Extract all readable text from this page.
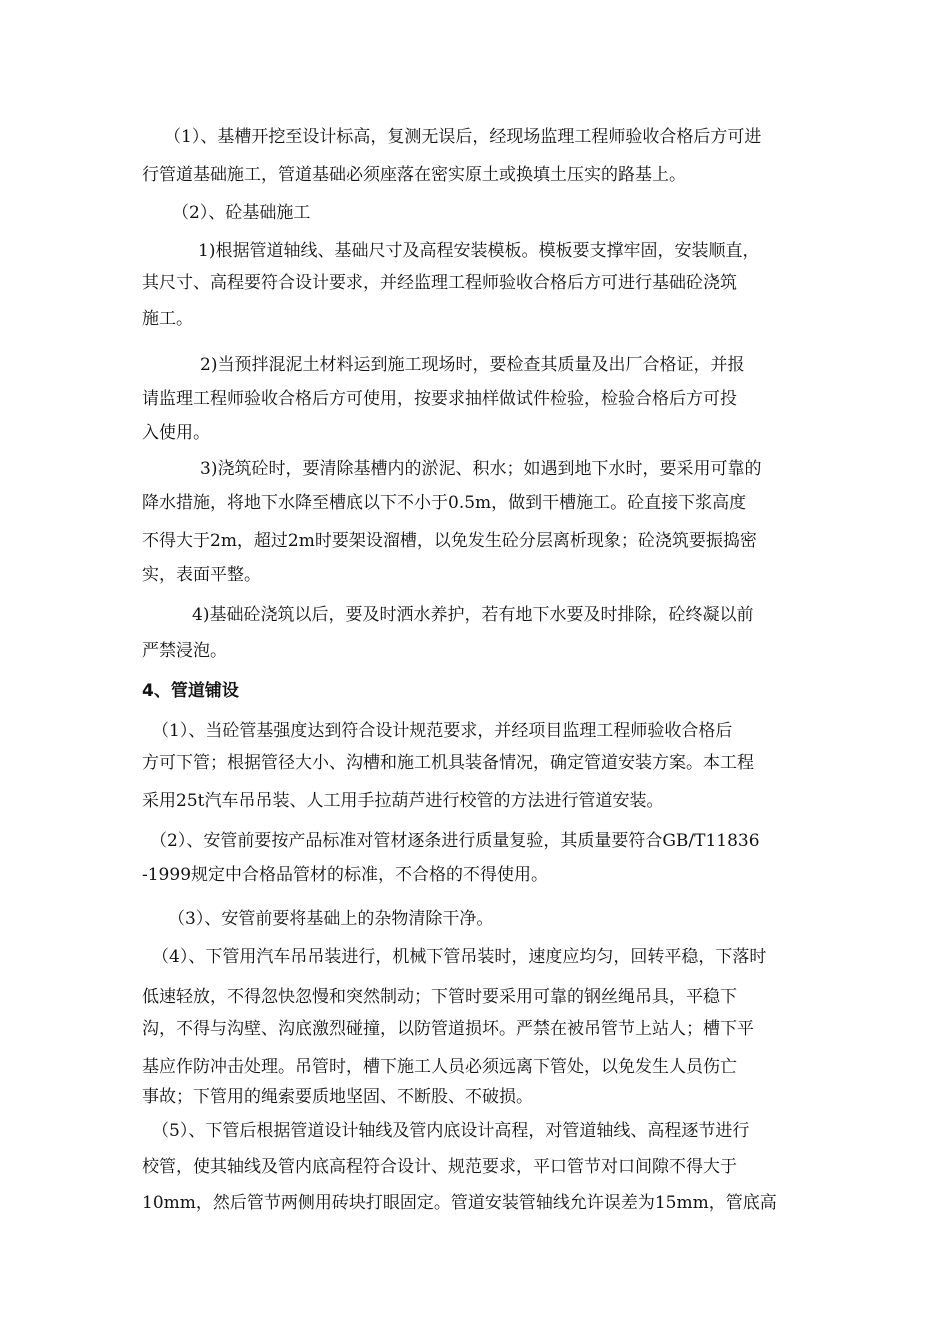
（1）、基槽开挖至设计标高，复测无误后，经现场监理工程师验收合格后方可进
行管道基础施工，管道基础必须座落在密实原土或换填土压实的路基上。
（2）、砼基础施工
1)根据管道轴线、基础尺寸及高程安装模板。模板要支撑牢固，安装顺直，
其尺寸、高程要符合设计要求，并经监理工程师验收合格后方可进行基础砼浇筑
施工。
2)当预拌混泥土材料运到施工现场时，要检查其质量及出厂合格证，并报
请监理工程师验收合格后方可使用，按要求抽样做试件检验，检验合格后方可投
入使用。
3)浇筑砼时，要清除基槽内的淤泥、积水；如遇到地下水时，要采用可靠的
降水措施，将地下水降至槽底以下不小于0.5m，做到干槽施工。砼直接下浆高度
不得大于2m，超过2m时要架设溜槽，以免发生砼分层离析现象；砼浇筑要振捣密
实，表面平整。
4)基础砼浇筑以后，要及时洒水养护，若有地下水要及时排除，砼终凝以前
严禁浸泡。
4、管道铺设
（1）、当砼管基强度达到符合设计规范要求，并经项目监理工程师验收合格后
方可下管；根据管径大小、沟槽和施工机具装备情况，确定管道安装方案。本工程
采用25t汽车吊吊装、人工用手拉葫芦进行校管的方法进行管道安装。
（2）、安管前要按产品标准对管材逐条进行质量复验，其质量要符合GB/T11836
-1999规定中合格品管材的标准，不合格的不得使用。
（3）、安管前要将基础上的杂物清除干净。
（4）、下管用汽车吊吊装进行，机械下管吊装时，速度应均匀，回转平稳，下落时
低速轻放，不得忽快忽慢和突然制动；下管时要采用可靠的钢丝绳吊具，平稳下
沟，不得与沟壁、沟底激烈碰撞，以防管道损坏。严禁在被吊管节上站人；槽下平
基应作防冲击处理。吊管时，槽下施工人员必须远离下管处，以免发生人员伤亡
事故；下管用的绳索要质地坚固、不断股、不破损。
（5）、下管后根据管道设计轴线及管内底设计高程，对管道轴线、高程逐节进行
校管，使其轴线及管内底高程符合设计、规范要求，平口管节对口间隙不得大于
10mm，然后管节两侧用砖块打眼固定。管道安装管轴线允许误差为15mm，管底高
